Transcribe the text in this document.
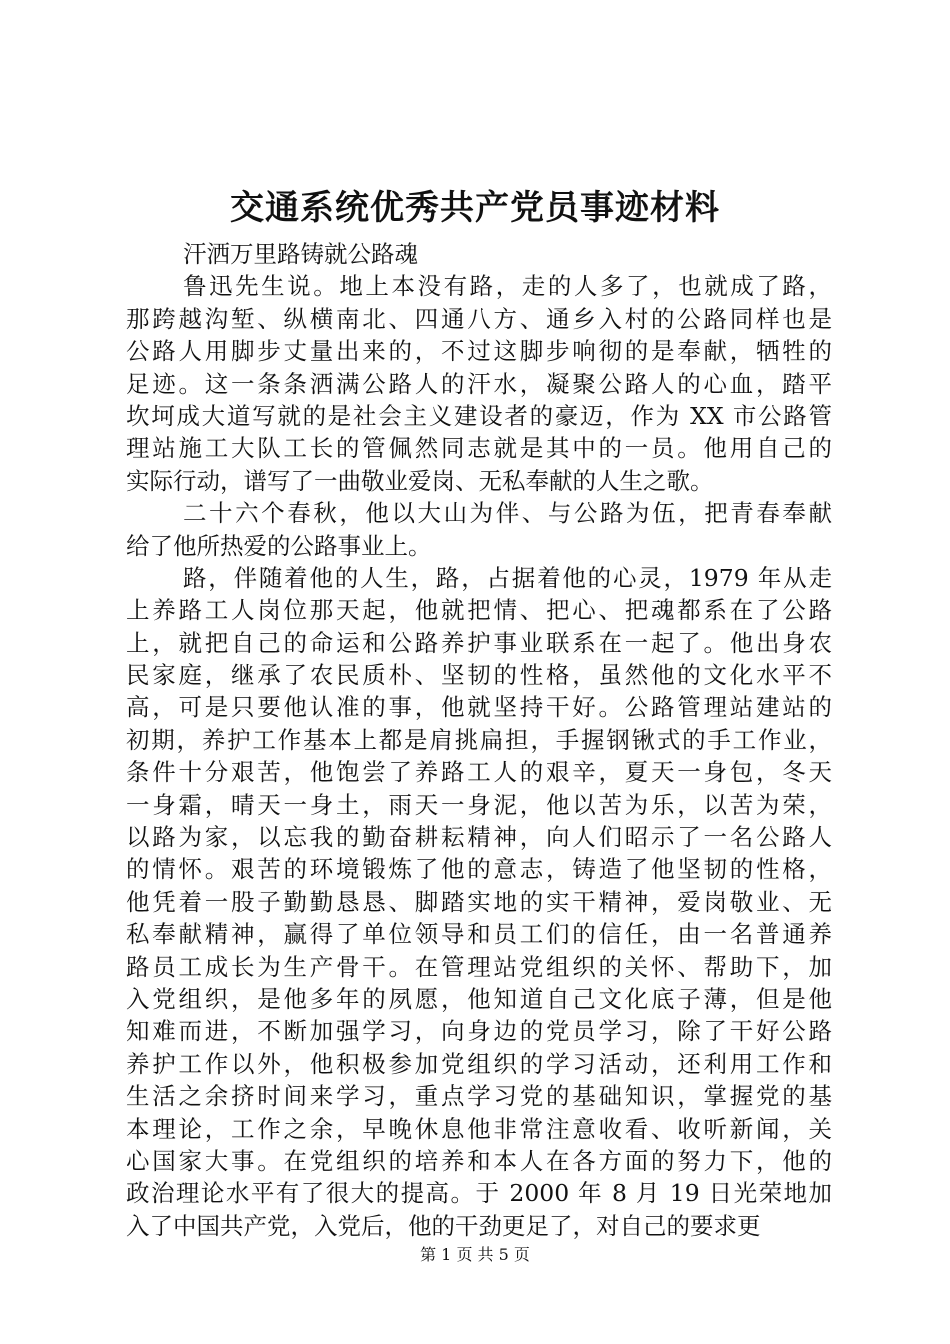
交通系统优秀共产党员事迹材料
汗洒万里路铸就公路魂
鲁迅先生说。地上本没有路，走的人多了，也就成了路，
那跨越沟堑、纵横南北、四通八方、通乡入村的公路同样也是
公路人用脚步丈量出来的，不过这脚步响彻的是奉献，牺牲的
足迹。这一条条洒满公路人的汗水，凝聚公路人的心血，踏平
坎坷成大道写就的是社会主义建设者的豪迈，作为 XX 市公路管
理站施工大队工长的管佩然同志就是其中的一员。他用自己的
实际行动，谱写了一曲敬业爱岗、无私奉献的人生之歌。
二十六个春秋，他以大山为伴、与公路为伍，把青春奉献
给了他所热爱的公路事业上。
路，伴随着他的人生，路，占据着他的心灵，1979 年从走
上养路工人岗位那天起，他就把情、把心、把魂都系在了公路
上，就把自己的命运和公路养护事业联系在一起了。他出身农
民家庭，继承了农民质朴、坚韧的性格，虽然他的文化水平不
高，可是只要他认准的事，他就坚持干好。公路管理站建站的
初期，养护工作基本上都是肩挑扁担，手握钢锹式的手工作业，
条件十分艰苦，他饱尝了养路工人的艰辛，夏天一身包，冬天
一身霜，晴天一身土，雨天一身泥，他以苦为乐，以苦为荣，
以路为家，以忘我的勤奋耕耘精神，向人们昭示了一名公路人
的情怀。艰苦的环境锻炼了他的意志，铸造了他坚韧的性格，
他凭着一股子勤勤恳恳、脚踏实地的实干精神，爱岗敬业、无
私奉献精神，赢得了单位领导和员工们的信任，由一名普通养
路员工成长为生产骨干。在管理站党组织的关怀、帮助下，加
入党组织，是他多年的夙愿，他知道自己文化底子薄，但是他
知难而进，不断加强学习，向身边的党员学习，除了干好公路
养护工作以外，他积极参加党组织的学习活动，还利用工作和
生活之余挤时间来学习，重点学习党的基础知识，掌握党的基
本理论，工作之余，早晚休息他非常注意收看、收听新闻，关
心国家大事。在党组织的培养和本人在各方面的努力下，他的
政治理论水平有了很大的提高。于 2000 年 8 月 19 日光荣地加
入了中国共产党，入党后，他的干劲更足了，对自己的要求更
第 1 页 共 5 页
